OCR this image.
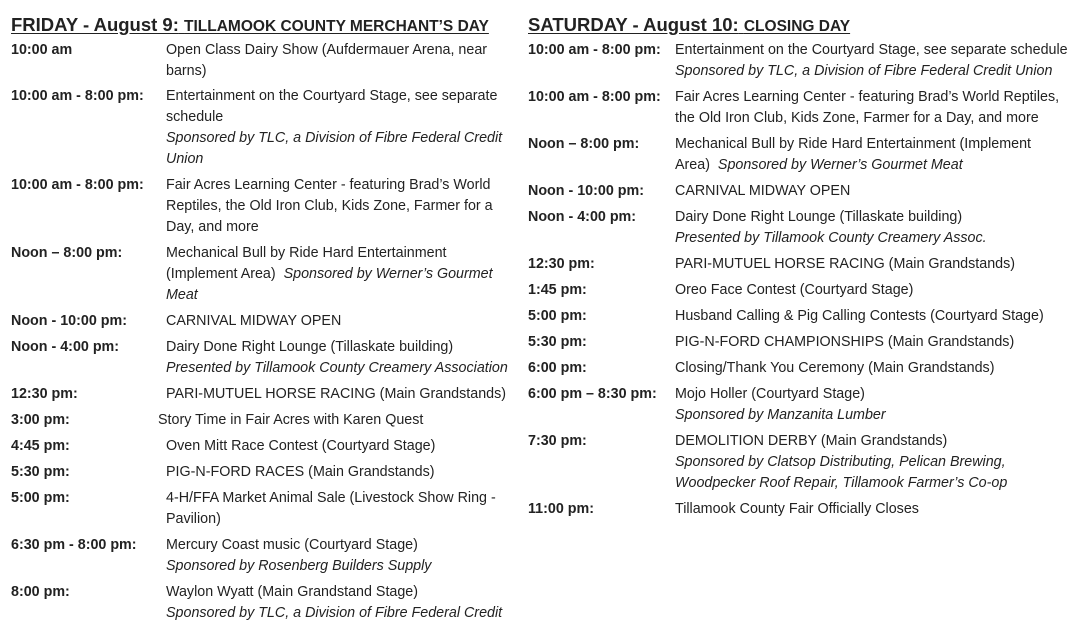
FRIDAY - August 9: TILLAMOOK COUNTY MERCHANT’S DAY
10:00 am	Open Class Dairy Show (Aufdermauer Arena, near barns)
10:00 am - 8:00 pm:	Entertainment on the Courtyard Stage, see separate schedule
Sponsored by TLC, a Division of Fibre Federal Credit Union
10:00 am - 8:00 pm:	Fair Acres Learning Center - featuring Brad’s World Reptiles, the Old Iron Club, Kids Zone, Farmer for a Day, and more
Noon – 8:00 pm:	Mechanical Bull by Ride Hard Entertainment (Implement Area) Sponsored by Werner’s Gourmet Meat
Noon - 10:00 pm:	CARNIVAL MIDWAY OPEN
Noon - 4:00 pm:	Dairy Done Right Lounge (Tillaskate building)
Presented by Tillamook County Creamery Association
12:30 pm:	PARI-MUTUEL HORSE RACING (Main Grandstands)
3:00 pm:	Story Time in Fair Acres with Karen Quest
4:45 pm:	Oven Mitt Race Contest (Courtyard Stage)
5:30 pm:	PIG-N-FORD RACES (Main Grandstands)
5:00 pm:	4-H/FFA Market Animal Sale (Livestock Show Ring - Pavilion)
6:30 pm - 8:00 pm:	Mercury Coast music (Courtyard Stage)
Sponsored by Rosenberg Builders Supply
8:00 pm:	Waylon Wyatt (Main Grandstand Stage)
Sponsored by TLC, a Division of Fibre Federal Credit
SATURDAY - August 10: CLOSING DAY
10:00 am - 8:00 pm: Entertainment on the Courtyard Stage, see separate schedule
Sponsored by TLC, a Division of Fibre Federal Credit Union
10:00 am - 8:00 pm: Fair Acres Learning Center - featuring Brad’s World Reptiles, the Old Iron Club, Kids Zone, Farmer for a Day, and more
Noon – 8:00 pm:	Mechanical Bull by Ride Hard Entertainment (Implement Area) Sponsored by Werner’s Gourmet Meat
Noon - 10:00 pm:	CARNIVAL MIDWAY OPEN
Noon - 4:00 pm:	Dairy Done Right Lounge (Tillaskate building)
Presented by Tillamook County Creamery Assoc.
12:30 pm:	PARI-MUTUEL HORSE RACING (Main Grandstands)
1:45 pm:	Oreo Face Contest (Courtyard Stage)
5:00 pm:	Husband Calling & Pig Calling Contests (Courtyard Stage)
5:30 pm:	PIG-N-FORD CHAMPIONSHIPS (Main Grandstands)
6:00 pm:	Closing/Thank You Ceremony (Main Grandstands)
6:00 pm – 8:30 pm:	Mojo Holler (Courtyard Stage)
Sponsored by Manzanita Lumber
7:30 pm:	DEMOLITION DERBY (Main Grandstands)
Sponsored by Clatsop Distributing, Pelican Brewing, Woodpecker Roof Repair, Tillamook Farmer’s Co-op
11:00 pm:	Tillamook County Fair Officially Closes
